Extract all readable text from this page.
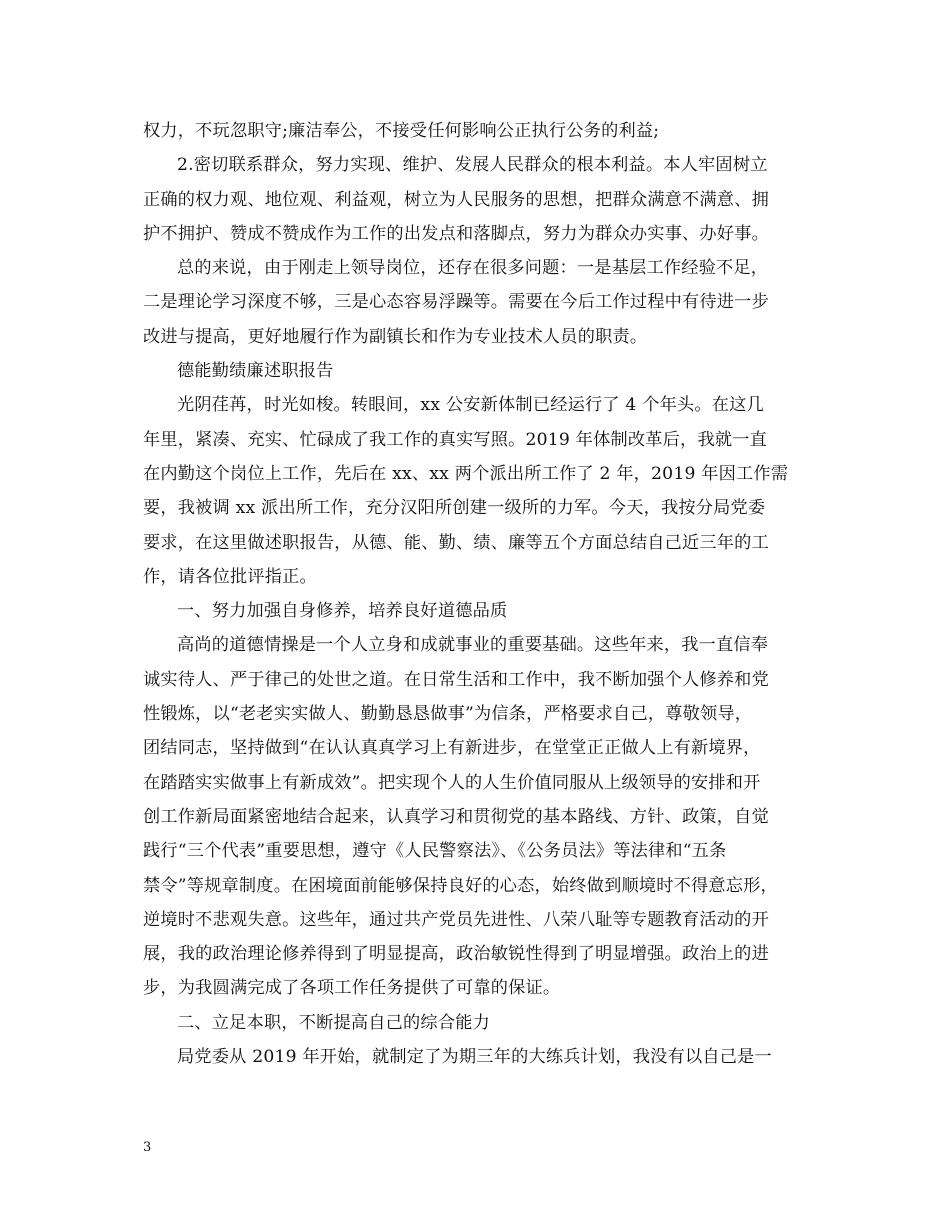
权力，不玩忽职守;廉洁奉公，不接受任何影响公正执行公务的利益;
2.密切联系群众，努力实现、维护、发展人民群众的根本利益。本人牢固树立
正确的权力观、地位观、利益观，树立为人民服务的思想，把群众满意不满意、拥
护不拥护、赞成不赞成作为工作的出发点和落脚点，努力为群众办实事、办好事。
总的来说，由于刚走上领导岗位，还存在很多问题：一是基层工作经验不足，
二是理论学习深度不够，三是心态容易浮躁等。需要在今后工作过程中有待进一步
改进与提高，更好地履行作为副镇长和作为专业技术人员的职责。
德能勤绩廉述职报告
光阴荏苒，时光如梭。转眼间，xx 公安新体制已经运行了 4 个年头。在这几
年里，紧凑、充实、忙碌成了我工作的真实写照。2019 年体制改革后，我就一直
在内勤这个岗位上工作，先后在 xx、xx 两个派出所工作了 2 年，2019 年因工作需
要，我被调 xx 派出所工作，充分汉阳所创建一级所的力军。今天，我按分局党委
要求，在这里做述职报告，从德、能、勤、绩、廉等五个方面总结自己近三年的工
作，请各位批评指正。
一、努力加强自身修养，培养良好道德品质
高尚的道德情操是一个人立身和成就事业的重要基础。这些年来，我一直信奉
诚实待人、严于律己的处世之道。在日常生活和工作中，我不断加强个人修养和党
性锻炼，以“老老实实做人、勤勤恳恳做事”为信条，严格要求自己，尊敬领导，
团结同志，坚持做到“在认认真真学习上有新进步，在堂堂正正做人上有新境界，
在踏踏实实做事上有新成效”。把实现个人的人生价值同服从上级领导的安排和开
创工作新局面紧密地结合起来，认真学习和贯彻党的基本路线、方针、政策，自觉
践行“三个代表”重要思想，遵守《人民警察法》、《公务员法》等法律和“五条
禁令”等规章制度。在困境面前能够保持良好的心态，始终做到顺境时不得意忘形，
逆境时不悲观失意。这些年，通过共产党员先进性、八荣八耻等专题教育活动的开
展，我的政治理论修养得到了明显提高，政治敏锐性得到了明显增强。政治上的进
步，为我圆满完成了各项工作任务提供了可靠的保证。
二、立足本职，不断提高自己的综合能力
局党委从 2019 年开始，就制定了为期三年的大练兵计划，我没有以自己是一
3
